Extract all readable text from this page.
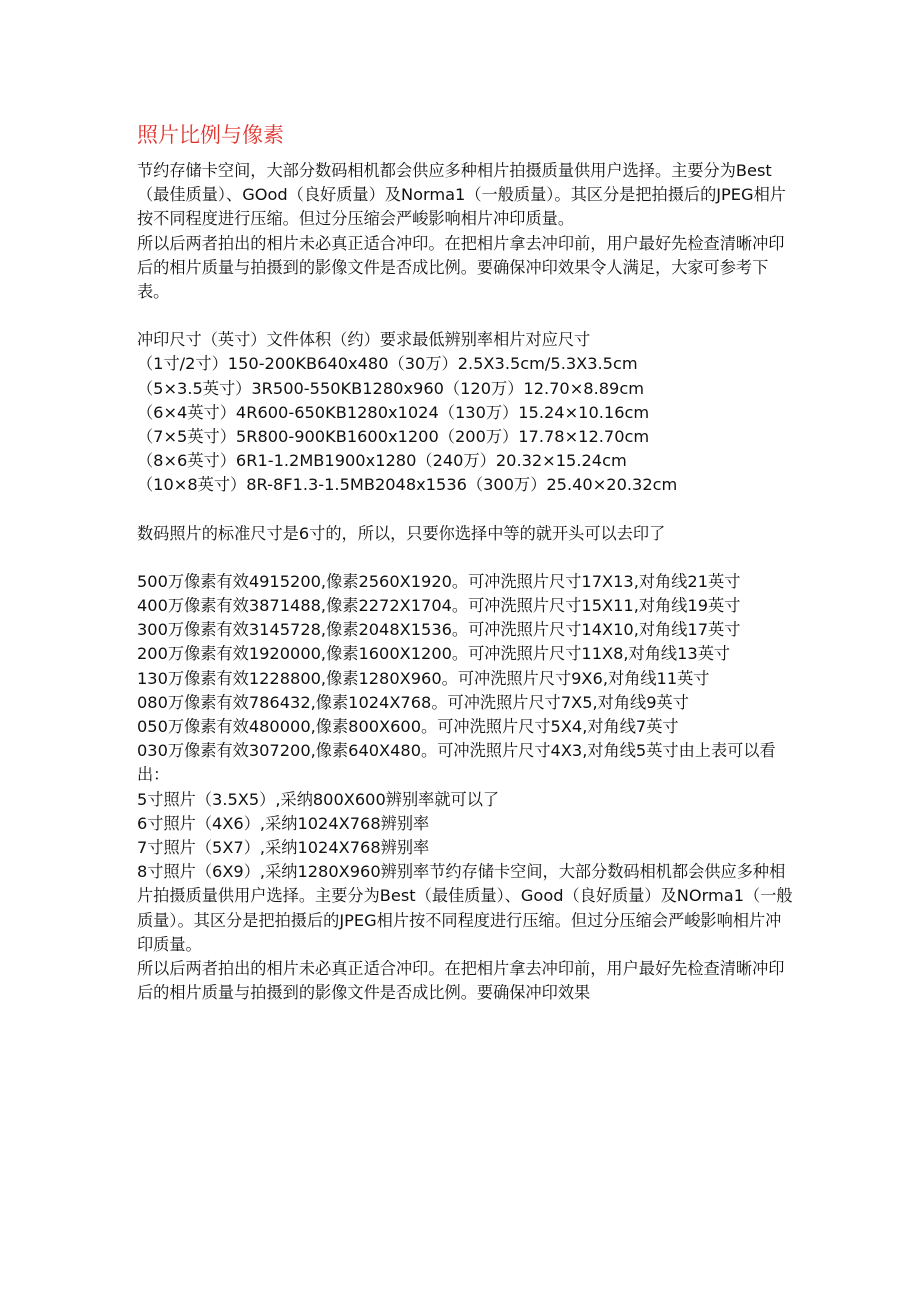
照片比例与像素
节约存储卡空间，大部分数码相机都会供应多种相片拍摄质量供用户选择。主要分为Best（最佳质量）、GOod（良好质量）及Norma1（一般质量）。其区分是把拍摄后的JPEG相片按不同程度进行压缩。但过分压缩会严峻影响相片冲印质量。
所以后两者拍出的相片未必真正适合冲印。在把相片拿去冲印前，用户最好先检查清晰冲印后的相片质量与拍摄到的影像文件是否成比例。要确保冲印效果令人满足，大家可参考下表。
冲印尺寸（英寸）文件体积（约）要求最低辨别率相片对应尺寸
（1寸/2寸）150-200KB640x480（30万）2.5X3.5cm/5.3X3.5cm
（5×3.5英寸）3R500-550KB1280x960（120万）12.70×8.89cm
（6×4英寸）4R600-650KB1280x1024（130万）15.24×10.16cm
（7×5英寸）5R800-900KB1600x1200（200万）17.78×12.70cm
（8×6英寸）6R1-1.2MB1900x1280（240万）20.32×15.24cm
（10×8英寸）8R-8F1.3-1.5MB2048x1536（300万）25.40×20.32cm
数码照片的标准尺寸是6寸的，所以，只要你选择中等的就开头可以去印了
500万像素有效4915200,像素2560X1920。可冲洗照片尺寸17X13,对角线21英寸
400万像素有效3871488,像素2272X1704。可冲洗照片尺寸15X11,对角线19英寸
300万像素有效3145728,像素2048X1536。可冲洗照片尺寸14X10,对角线17英寸
200万像素有效1920000,像素1600X1200。可冲洗照片尺寸11X8,对角线13英寸
130万像素有效1228800,像素1280X960。可冲洗照片尺寸9X6,对角线11英寸
080万像素有效786432,像素1024X768。可冲洗照片尺寸7X5,对角线9英寸
050万像素有效480000,像素800X600。可冲洗照片尺寸5X4,对角线7英寸
030万像素有效307200,像素640X480。可冲洗照片尺寸4X3,对角线5英寸由上表可以看出：
5寸照片（3.5X5）,采纳800X600辨别率就可以了
6寸照片（4X6）,采纳1024X768辨别率
7寸照片（5X7）,采纳1024X768辨别率
8寸照片（6X9）,采纳1280X960辨别率节约存储卡空间，大部分数码相机都会供应多种相片拍摄质量供用户选择。主要分为Best（最佳质量）、Good（良好质量）及NOrma1（一般质量）。其区分是把拍摄后的JPEG相片按不同程度进行压缩。但过分压缩会严峻影响相片冲印质量。
所以后两者拍出的相片未必真正适合冲印。在把相片拿去冲印前，用户最好先检查清晰冲印后的相片质量与拍摄到的影像文件是否成比例。要确保冲印效果
